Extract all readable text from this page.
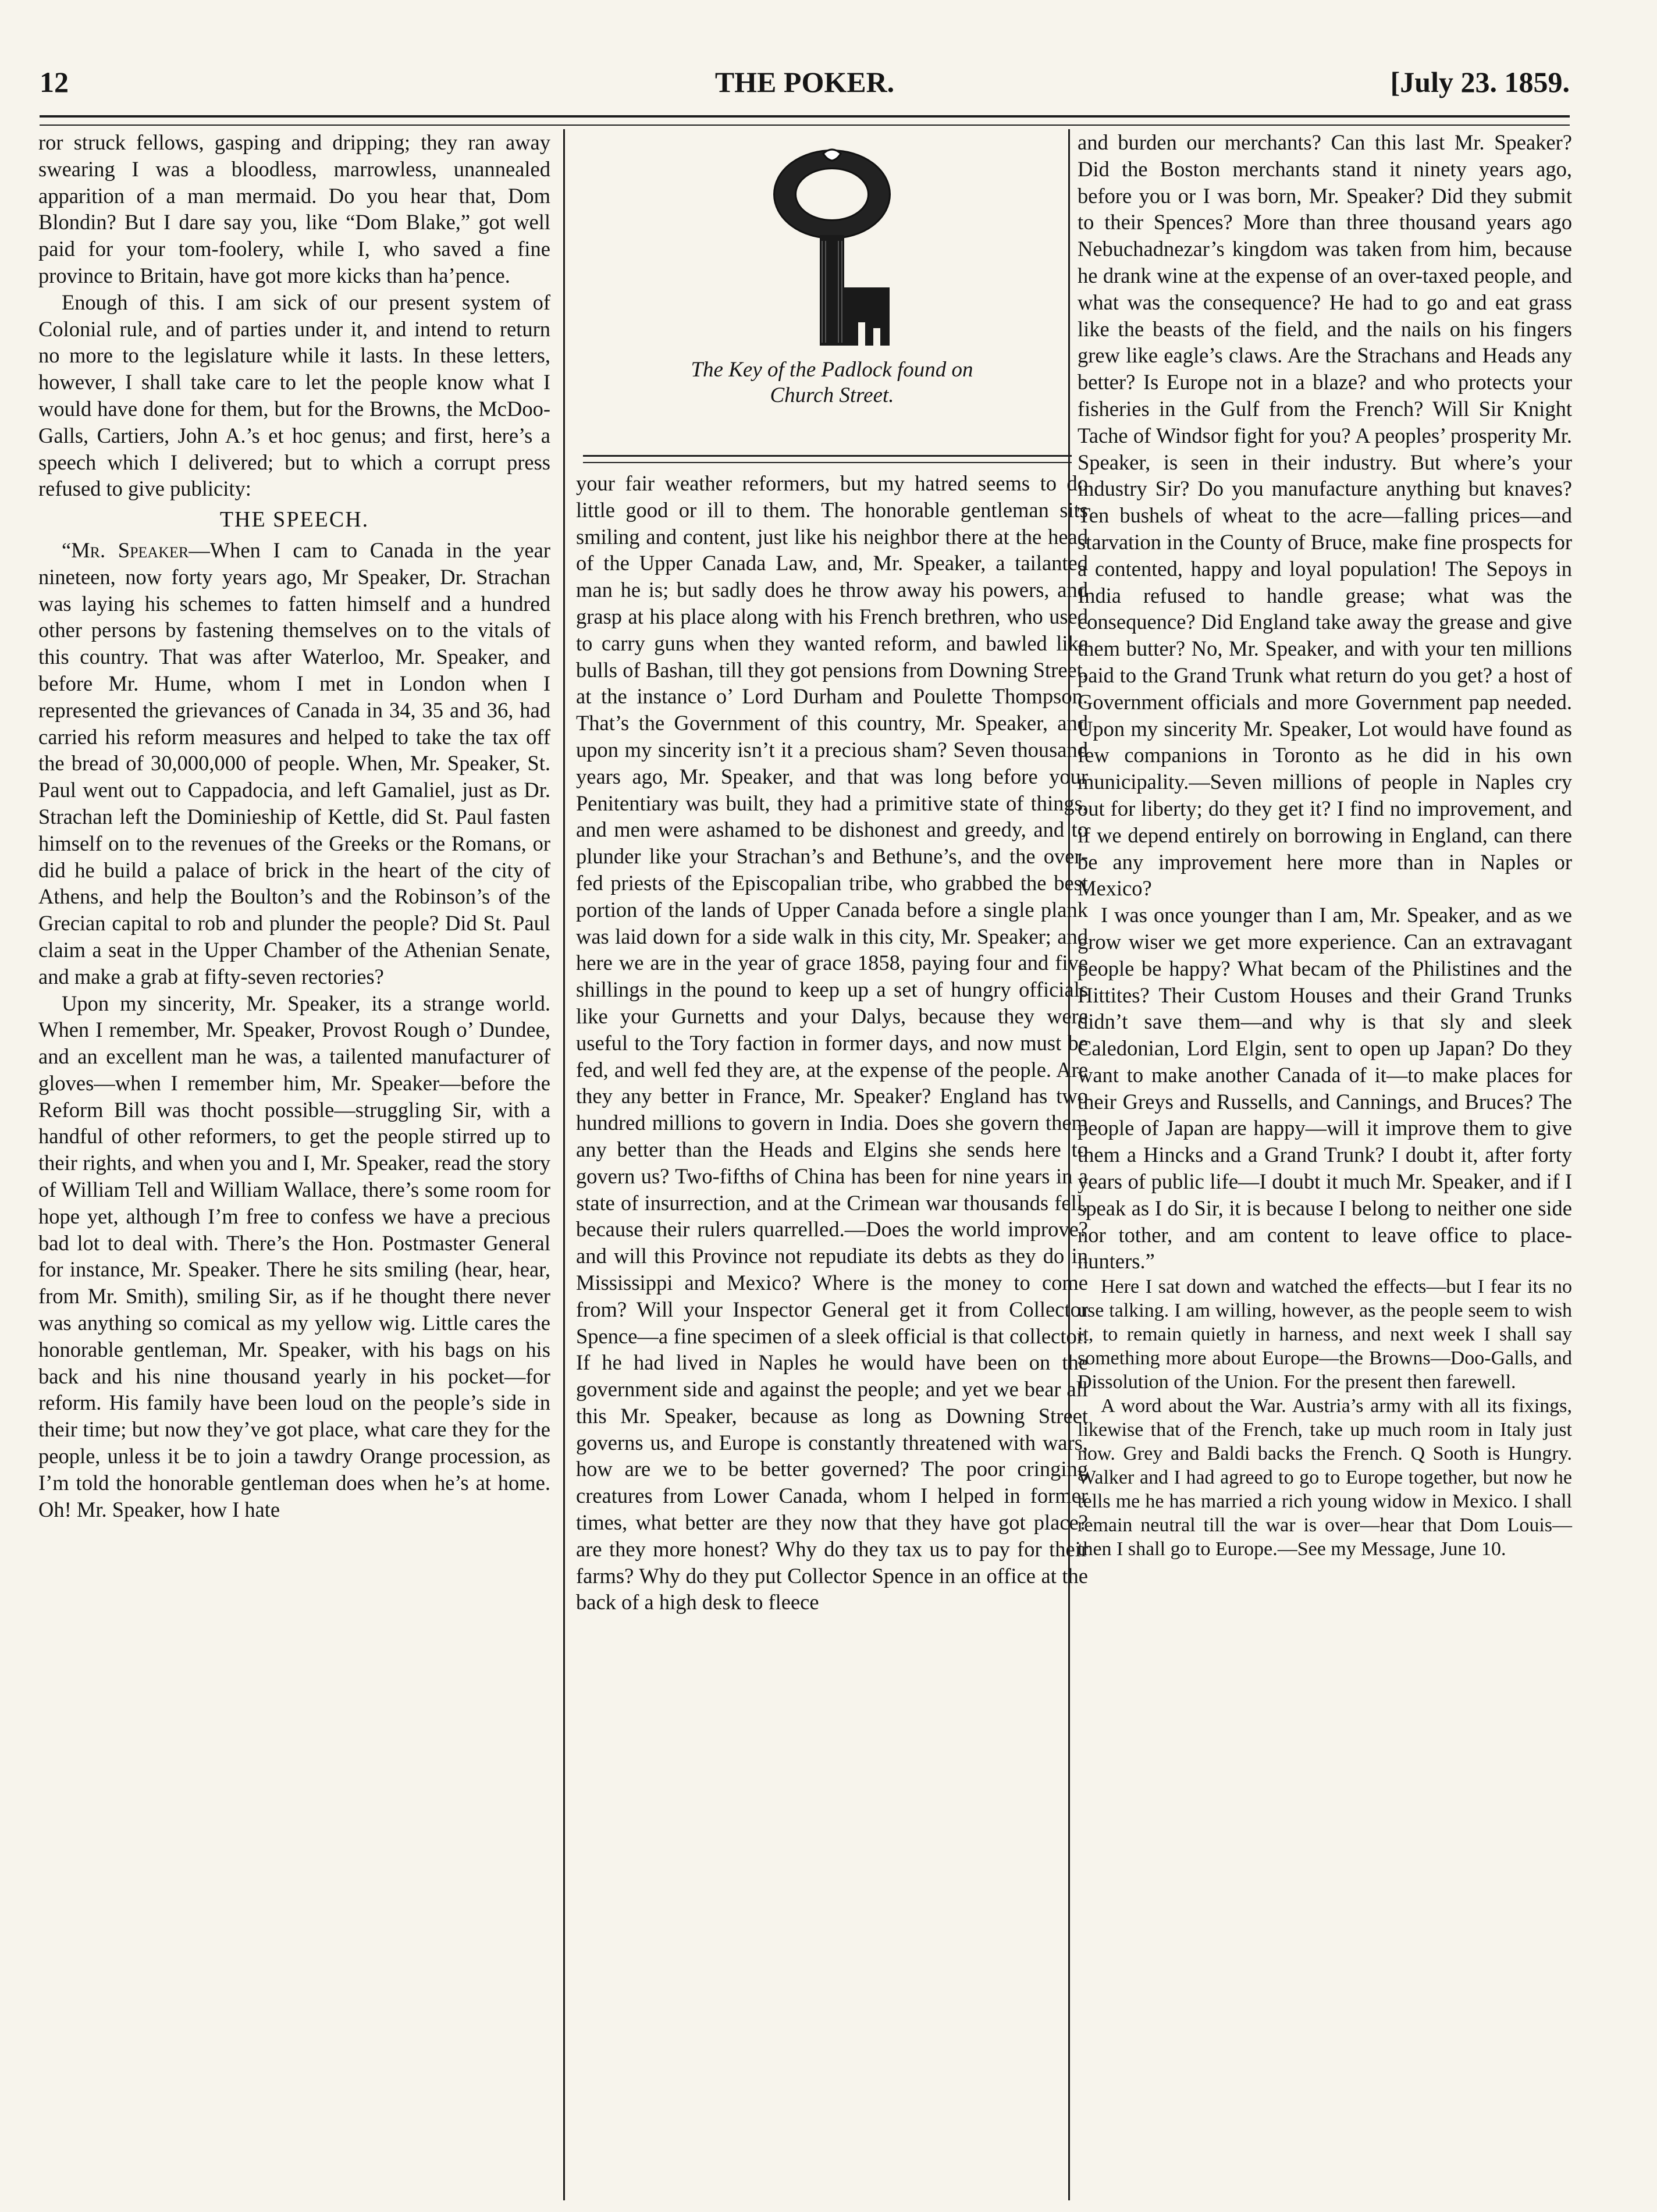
12	THE POKER.	[July 23. 1859.

ror struck fellows, gasping and dripping; they ran away swearing I was a bloodless, marrowless, unannealed apparition of a man mermaid. Do you hear that, Dom Blondin? But I dare say you, like “Dom Blake,” got well paid for your tom-foolery, while I, who saved a fine province to Britain, have got more kicks than ha’pence.

Enough of this. I am sick of our present system of Colonial rule, and of parties under it, and intend to return no more to the legislature while it lasts. In these letters, however, I shall take care to let the people know what I would have done for them, but for the Browns, the McDoo-Galls, Cartiers, John A.’s et hoc genus; and first, here’s a speech which I delivered; but to which a corrupt press refused to give publicity:

THE SPEECH.

“Mr. Speaker—When I cam to Canada in the year nineteen, now forty years ago, Mr Speaker, Dr. Strachan was laying his schemes to fatten himself and a hundred other persons by fastening themselves on to the vitals of this country. That was after Waterloo, Mr. Speaker, and before Mr. Hume, whom I met in London when I represented the grievances of Canada in 34, 35 and 36, had carried his reform measures and helped to take the tax off the bread of 30,000,000 of people. When, Mr. Speaker, St. Paul went out to Cappadocia, and left Gamaliel, just as Dr. Strachan left the Dominieship of Kettle, did St. Paul fasten himself on to the revenues of the Greeks or the Romans, or did he build a palace of brick in the heart of the city of Athens, and help the Boulton’s and the Robinson’s of the Grecian capital to rob and plunder the people? Did St. Paul claim a seat in the Upper Chamber of the Athenian Senate, and make a grab at fifty-seven rectories?

Upon my sincerity, Mr. Speaker, its a strange world. When I remember, Mr. Speaker, Provost Rough o’ Dundee, and an excellent man he was, a tailented manufacturer of gloves—when I remember him, Mr. Speaker—before the Reform Bill was thocht possible—struggling Sir, with a handful of other reformers, to get the people stirred up to their rights, and when you and I, Mr. Speaker, read the story of William Tell and William Wallace, there’s some room for hope yet, although I’m free to confess we have a precious bad lot to deal with. There’s the Hon. Postmaster General for instance, Mr. Speaker. There he sits smiling (hear, hear, from Mr. Smith), smiling Sir, as if he thought there never was anything so comical as my yellow wig. Little cares the honorable gentleman, Mr. Speaker, with his bags on his back and his nine thousand yearly in his pocket—for reform. His family have been loud on the people’s side in their time; but now they’ve got place, what care they for the people, unless it be to join a tawdry Orange procession, as I’m told the honorable gentleman does when he’s at home. Oh! Mr. Speaker, how I hate

The Key of the Padlock found on
Church Street.

your fair weather reformers, but my hatred seems to do little good or ill to them. The honorable gentleman sits smiling and content, just like his neighbor there at the head of the Upper Canada Law, and, Mr. Speaker, a tailanted man he is; but sadly does he throw away his powers, and grasp at his place along with his French brethren, who used to carry guns when they wanted reform, and bawled like bulls of Bashan, till they got pensions from Downing Street, at the instance o’ Lord Durham and Poulette Thompson. That’s the Government of this country, Mr. Speaker, and upon my sincerity isn’t it a precious sham? Seven thousand years ago, Mr. Speaker, and that was long before your Penitentiary was built, they had a primitive state of things, and men were ashamed to be dishonest and greedy, and to plunder like your Strachan’s and Bethune’s, and the over-fed priests of the Episcopalian tribe, who grabbed the best portion of the lands of Upper Canada before a single plank was laid down for a side walk in this city, Mr. Speaker; and here we are in the year of grace 1858, paying four and five shillings in the pound to keep up a set of hungry officials like your Gurnetts and your Dalys, because they were useful to the Tory faction in former days, and now must be fed, and well fed they are, at the expense of the people. Are they any better in France, Mr. Speaker? England has two hundred millions to govern in India. Does she govern them any better than the Heads and Elgins she sends here to govern us? Two-fifths of China has been for nine years in a state of insurrection, and at the Crimean war thousands fell, because their rulers quarrelled.—Does the world improve? and will this Province not repudiate its debts as they do in Mississippi and Mexico? Where is the money to come from? Will your Inspector General get it from Collector Spence—a fine specimen of a sleek official is that collector. If he had lived in Naples he would have been on the government side and against the people; and yet we bear all this Mr. Speaker, because as long as Downing Street governs us, and Europe is constantly threatened with wars, how are we to be better governed? The poor cringing creatures from Lower Canada, whom I helped in former times, what better are they now that they have got place? are they more honest? Why do they tax us to pay for their farms? Why do they put Collector Spence in an office at the back of a high desk to fleece

and burden our merchants? Can this last Mr. Speaker? Did the Boston merchants stand it ninety years ago, before you or I was born, Mr. Speaker? Did they submit to their Spences? More than three thousand years ago Nebuchadnezar’s kingdom was taken from him, because he drank wine at the expense of an over-taxed people, and what was the consequence? He had to go and eat grass like the beasts of the field, and the nails on his fingers grew like eagle’s claws. Are the Strachans and Heads any better? Is Europe not in a blaze? and who protects your fisheries in the Gulf from the French? Will Sir Knight Tache of Windsor fight for you? A peoples’ prosperity Mr. Speaker, is seen in their industry. But where’s your industry Sir? Do you manufacture anything but knaves? Ten bushels of wheat to the acre—falling prices—and starvation in the County of Bruce, make fine prospects for a contented, happy and loyal population! The Sepoys in India refused to handle grease; what was the consequence? Did England take away the grease and give them butter? No, Mr. Speaker, and with your ten millions paid to the Grand Trunk what return do you get? a host of Government officials and more Government pap needed. Upon my sincerity Mr. Speaker, Lot would have found as few companions in Toronto as he did in his own municipality.—Seven millions of people in Naples cry out for liberty; do they get it? I find no improvement, and if we depend entirely on borrowing in England, can there be any improvement here more than in Naples or Mexico?

I was once younger than I am, Mr. Speaker, and as we grow wiser we get more experience. Can an extravagant people be happy? What becam of the Philistines and the Hittites? Their Custom Houses and their Grand Trunks didn’t save them—and why is that sly and sleek Caledonian, Lord Elgin, sent to open up Japan? Do they want to make another Canada of it—to make places for their Greys and Russells, and Cannings, and Bruces? The people of Japan are happy—will it improve them to give them a Hincks and a Grand Trunk? I doubt it, after forty years of public life—I doubt it much Mr. Speaker, and if I speak as I do Sir, it is because I belong to neither one side nor tother, and am content to leave office to place-hunters.”

Here I sat down and watched the effects—but I fear its no use talking. I am willing, however, as the people seem to wish it, to remain quietly in harness, and next week I shall say something more about Europe—the Browns—Doo-Galls, and Dissolution of the Union. For the present then farewell.

A word about the War. Austria’s army with all its fixings, likewise that of the French, take up much room in Italy just now. Grey and Baldi backs the French. Q Sooth is Hungry. Walker and I had agreed to go to Europe together, but now he tells me he has married a rich young widow in Mexico. I shall remain neutral till the war is over—hear that Dom Louis—then I shall go to Europe.—See my Message, June 10.
